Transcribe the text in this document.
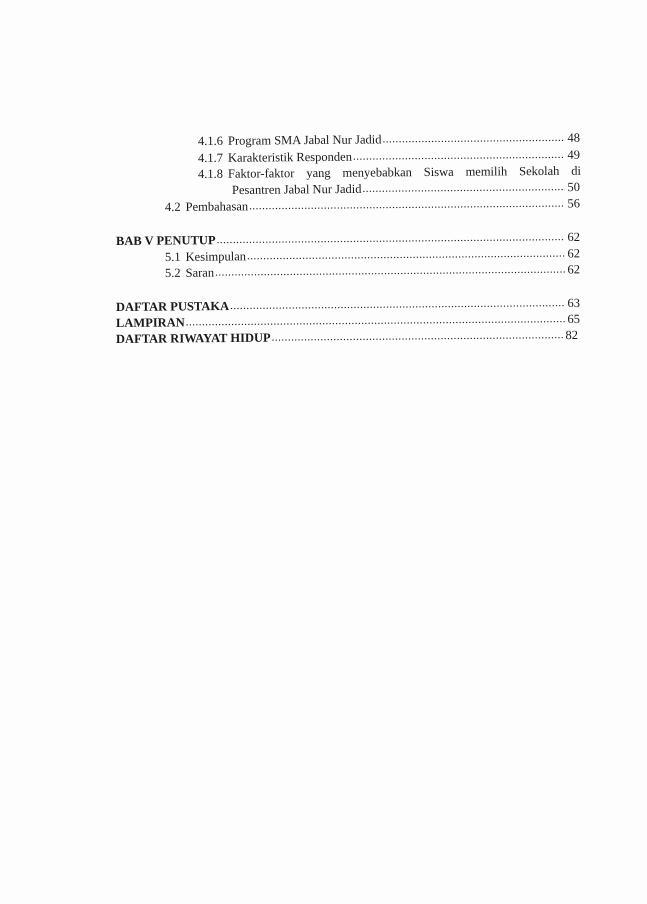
4.1.6 Program SMA Jabal Nur Jadid .....	48
4.1.7 Karakteristik Responden .....	49
4.1.8 Faktor-faktor yang menyebabkan Siswa memilih Sekolah di
Pesantren Jabal Nur Jadid .....	50
4.2 Pembahasan .....	56
BAB V PENUTUP .....	62
5.1 Kesimpulan .....	62
5.2 Saran .....	62
DAFTAR PUSTAKA .....	63
LAMPIRAN .....	65
DAFTAR RIWAYAT HIDUP .....	82
